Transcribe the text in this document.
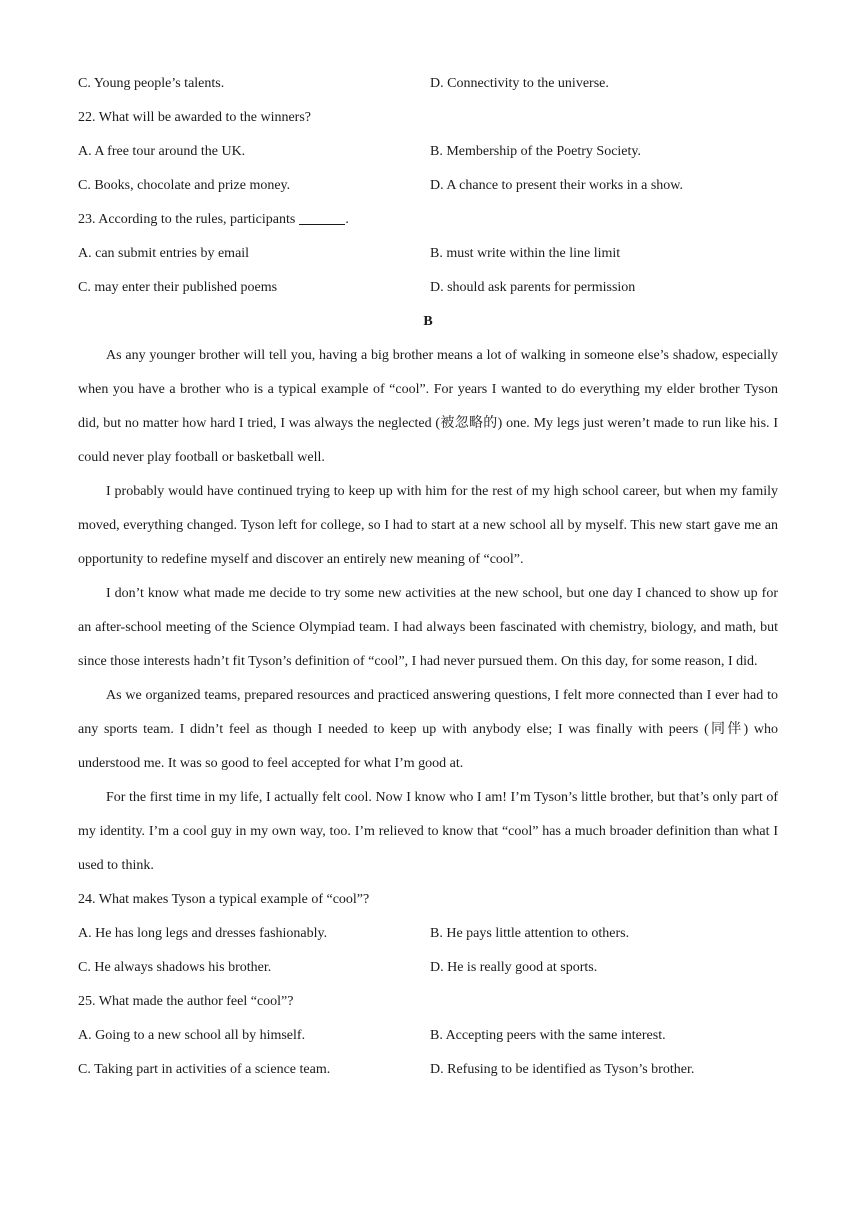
C. Young people’s talents.	D. Connectivity to the universe.
22. What will be awarded to the winners?
A. A free tour around the UK.	B. Membership of the Poetry Society.
C. Books, chocolate and prize money.	D. A chance to present their works in a show.
23. According to the rules, participants	.
A. can submit entries by email	B. must write within the line limit
C. may enter their published poems	D. should ask parents for permission
B

As any younger brother will tell you, having a big brother means a lot of walking in someone else’s shadow, especially when you have a brother who is a typical example of “cool”. For years I wanted to do everything my elder brother Tyson did, but no matter how hard I tried, I was always the neglected (被忽略的) one. My legs just weren’t made to run like his. I could never play football or basketball well.

I probably would have continued trying to keep up with him for the rest of my high school career, but when my family moved, everything changed. Tyson left for college, so I had to start at a new school all by myself. This new start gave me an opportunity to redefine myself and discover an entirely new meaning of “cool”.

I don’t know what made me decide to try some new activities at the new school, but one day I chanced to show up for an after-school meeting of the Science Olympiad team. I had always been fascinated with chemistry, biology, and math, but since those interests hadn’t fit Tyson’s definition of “cool”, I had never pursued them. On this day, for some reason, I did.

As we organized teams, prepared resources and practiced answering questions, I felt more connected than I ever had to any sports team. I didn’t feel as though I needed to keep up with anybody else; I was finally with peers (同伴) who understood me. It was so good to feel accepted for what I’m good at.

For the first time in my life, I actually felt cool. Now I know who I am! I’m Tyson’s little brother, but that’s only part of my identity. I’m a cool guy in my own way, too. I’m relieved to know that “cool” has a much broader definition than what I used to think.

24. What makes Tyson a typical example of “cool”?
A. He has long legs and dresses fashionably.	B. He pays little attention to others.
C. He always shadows his brother.	D. He is really good at sports.
25. What made the author feel “cool”?
A. Going to a new school all by himself.	B. Accepting peers with the same interest.
C. Taking part in activities of a science team.	D. Refusing to be identified as Tyson’s brother.
